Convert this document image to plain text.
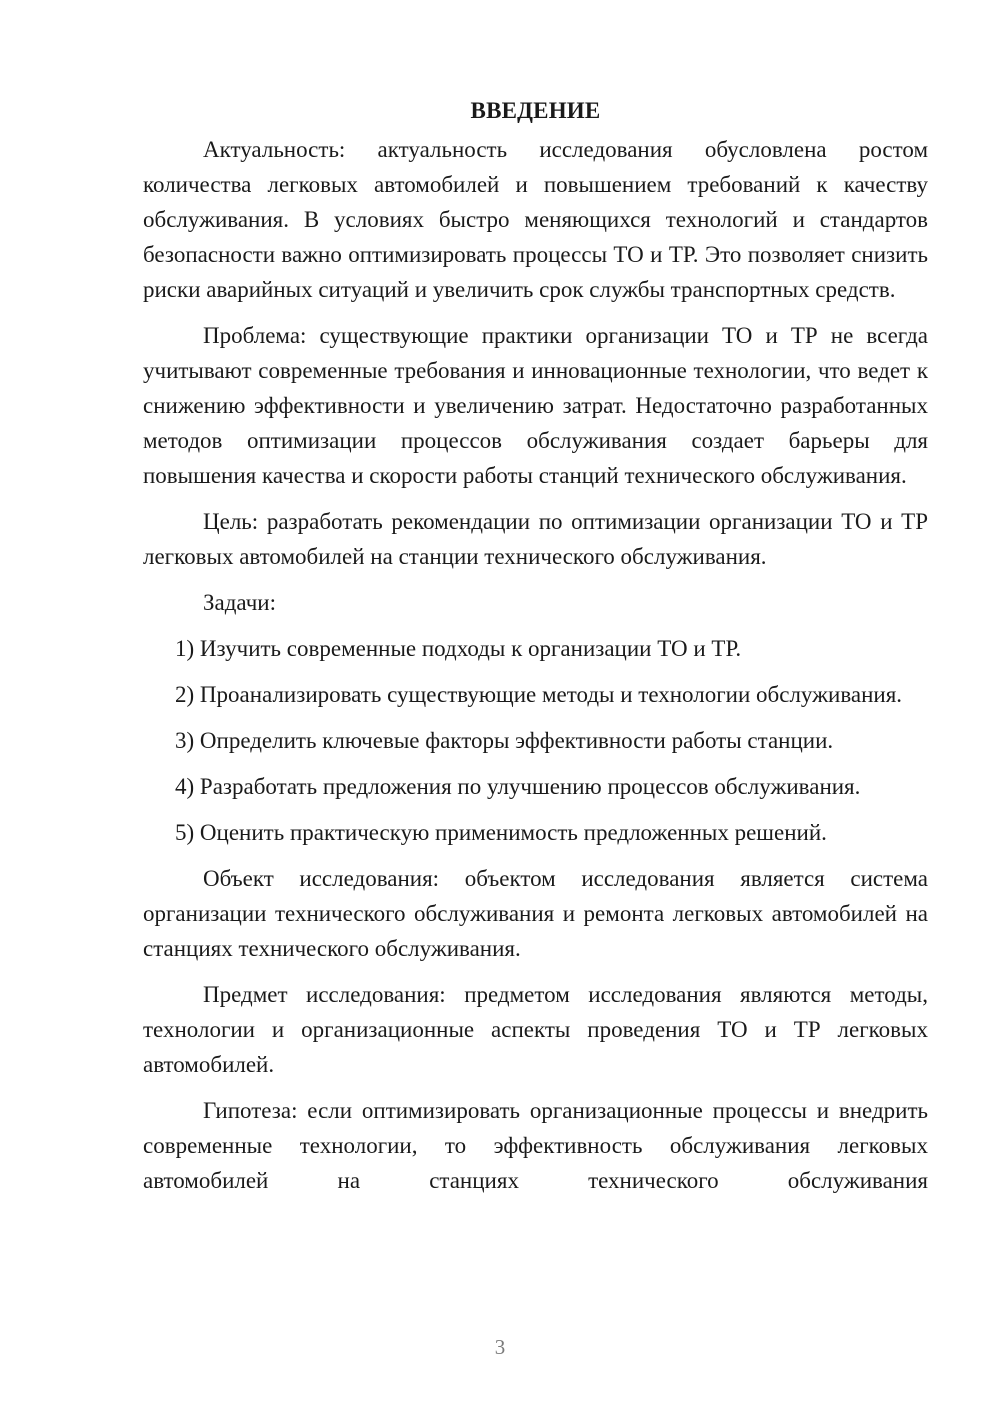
ВВЕДЕНИЕ

Актуальность: актуальность исследования обусловлена ростом количества легковых автомобилей и повышением требований к качеству обслуживания. В условиях быстро меняющихся технологий и стандартов безопасности важно оптимизировать процессы ТО и ТР. Это позволяет снизить риски аварийных ситуаций и увеличить срок службы транспортных средств.

Проблема: существующие практики организации ТО и ТР не всегда учитывают современные требования и инновационные технологии, что ведет к снижению эффективности и увеличению затрат. Недостаточно разработанных методов оптимизации процессов обслуживания создает барьеры для повышения качества и скорости работы станций технического обслуживания.

Цель: разработать рекомендации по оптимизации организации ТО и ТР легковых автомобилей на станции технического обслуживания.

Задачи:

1) Изучить современные подходы к организации ТО и ТР.

2) Проанализировать существующие методы и технологии обслуживания.

3) Определить ключевые факторы эффективности работы станции.

4) Разработать предложения по улучшению процессов обслуживания.

5) Оценить практическую применимость предложенных решений.

Объект исследования: объектом исследования является система организации технического обслуживания и ремонта легковых автомобилей на станциях технического обслуживания.

Предмет исследования: предметом исследования являются методы, технологии и организационные аспекты проведения ТО и ТР легковых автомобилей.

Гипотеза: если оптимизировать организационные процессы и внедрить современные технологии, то эффективность обслуживания легковых автомобилей на станциях технического обслуживания

3
